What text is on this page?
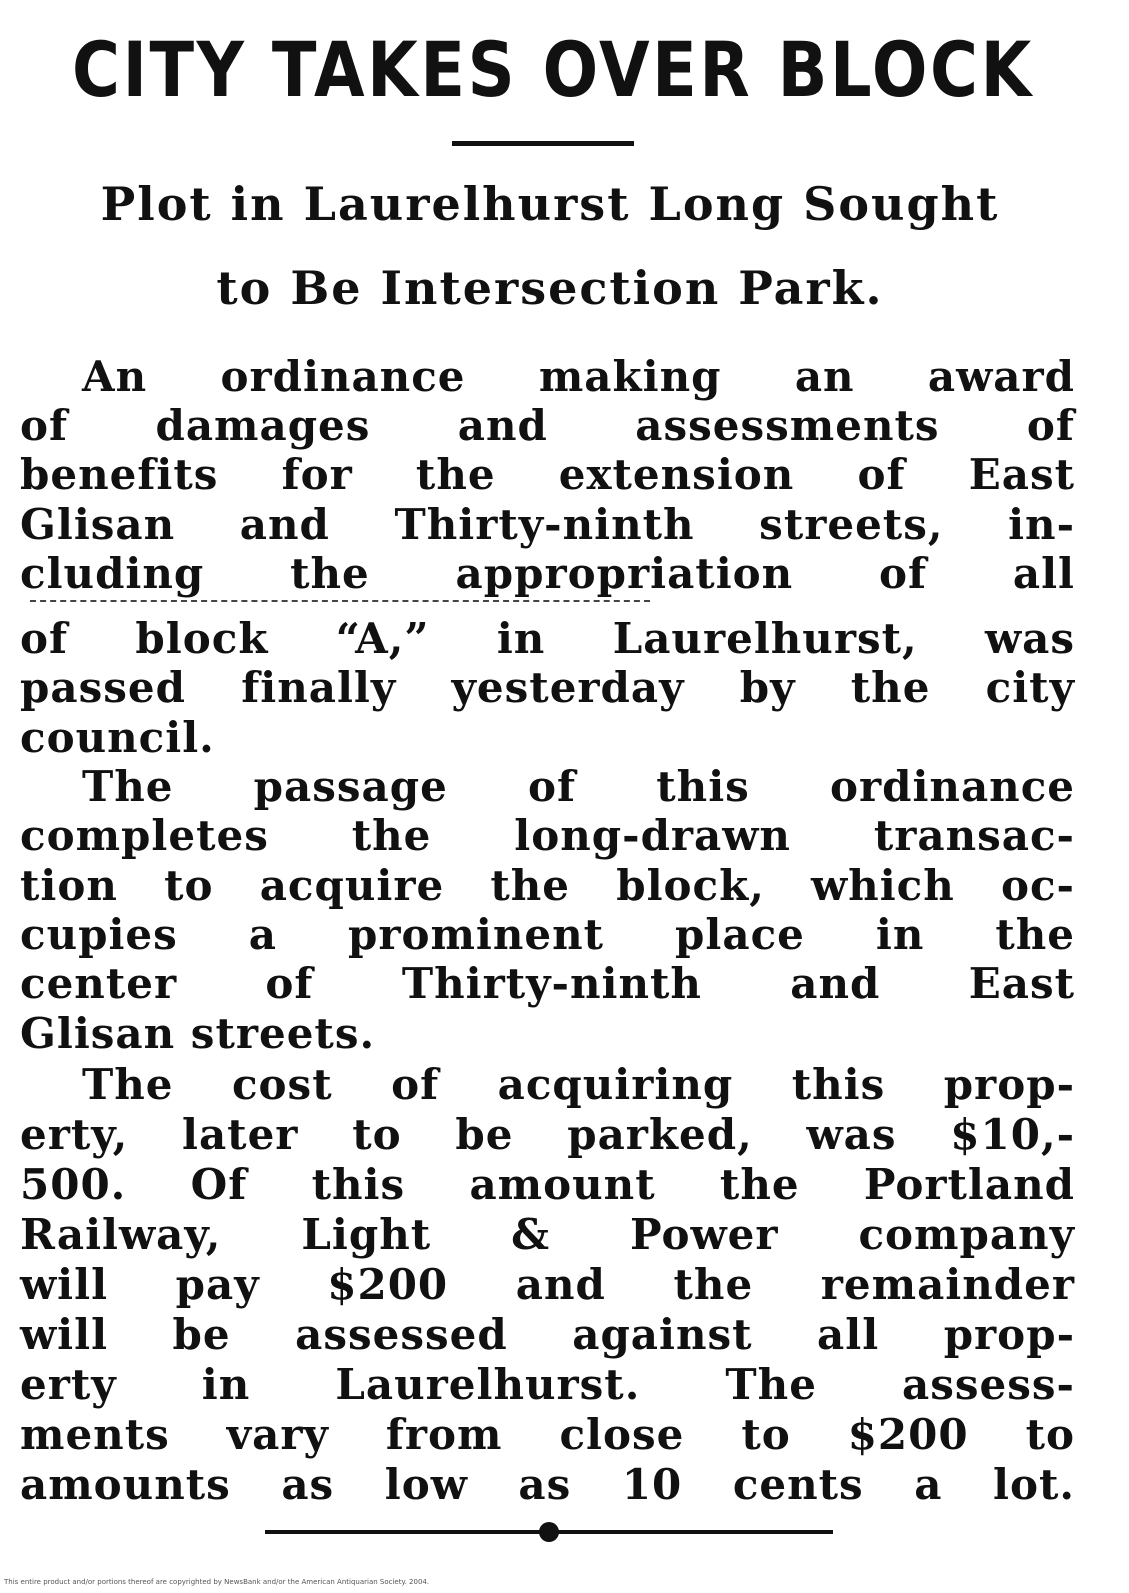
CITY TAKES OVER BLOCK
Plot in Laurelhurst Long Sought
to Be Intersection Park.
An ordinance making an award
of damages and assessments of
benefits for the extension of East
Glisan and Thirty-ninth streets, in-
cluding the appropriation of all
of block “A,” in Laurelhurst, was
passed finally yesterday by the city
council.
The passage of this ordinance
completes the long-drawn transac-
tion to acquire the block, which oc-
cupies a prominent place in the
center of Thirty-ninth and East
Glisan streets.
The cost of acquiring this prop-
erty, later to be parked, was $10,-
500. Of this amount the Portland
Railway, Light & Power company
will pay $200 and the remainder
will be assessed against all prop-
erty in Laurelhurst. The assess-
ments vary from close to $200 to
amounts as low as 10 cents a lot.
This entire product and/or portions thereof are copyrighted by NewsBank and/or the American Antiquarian Society. 2004.
